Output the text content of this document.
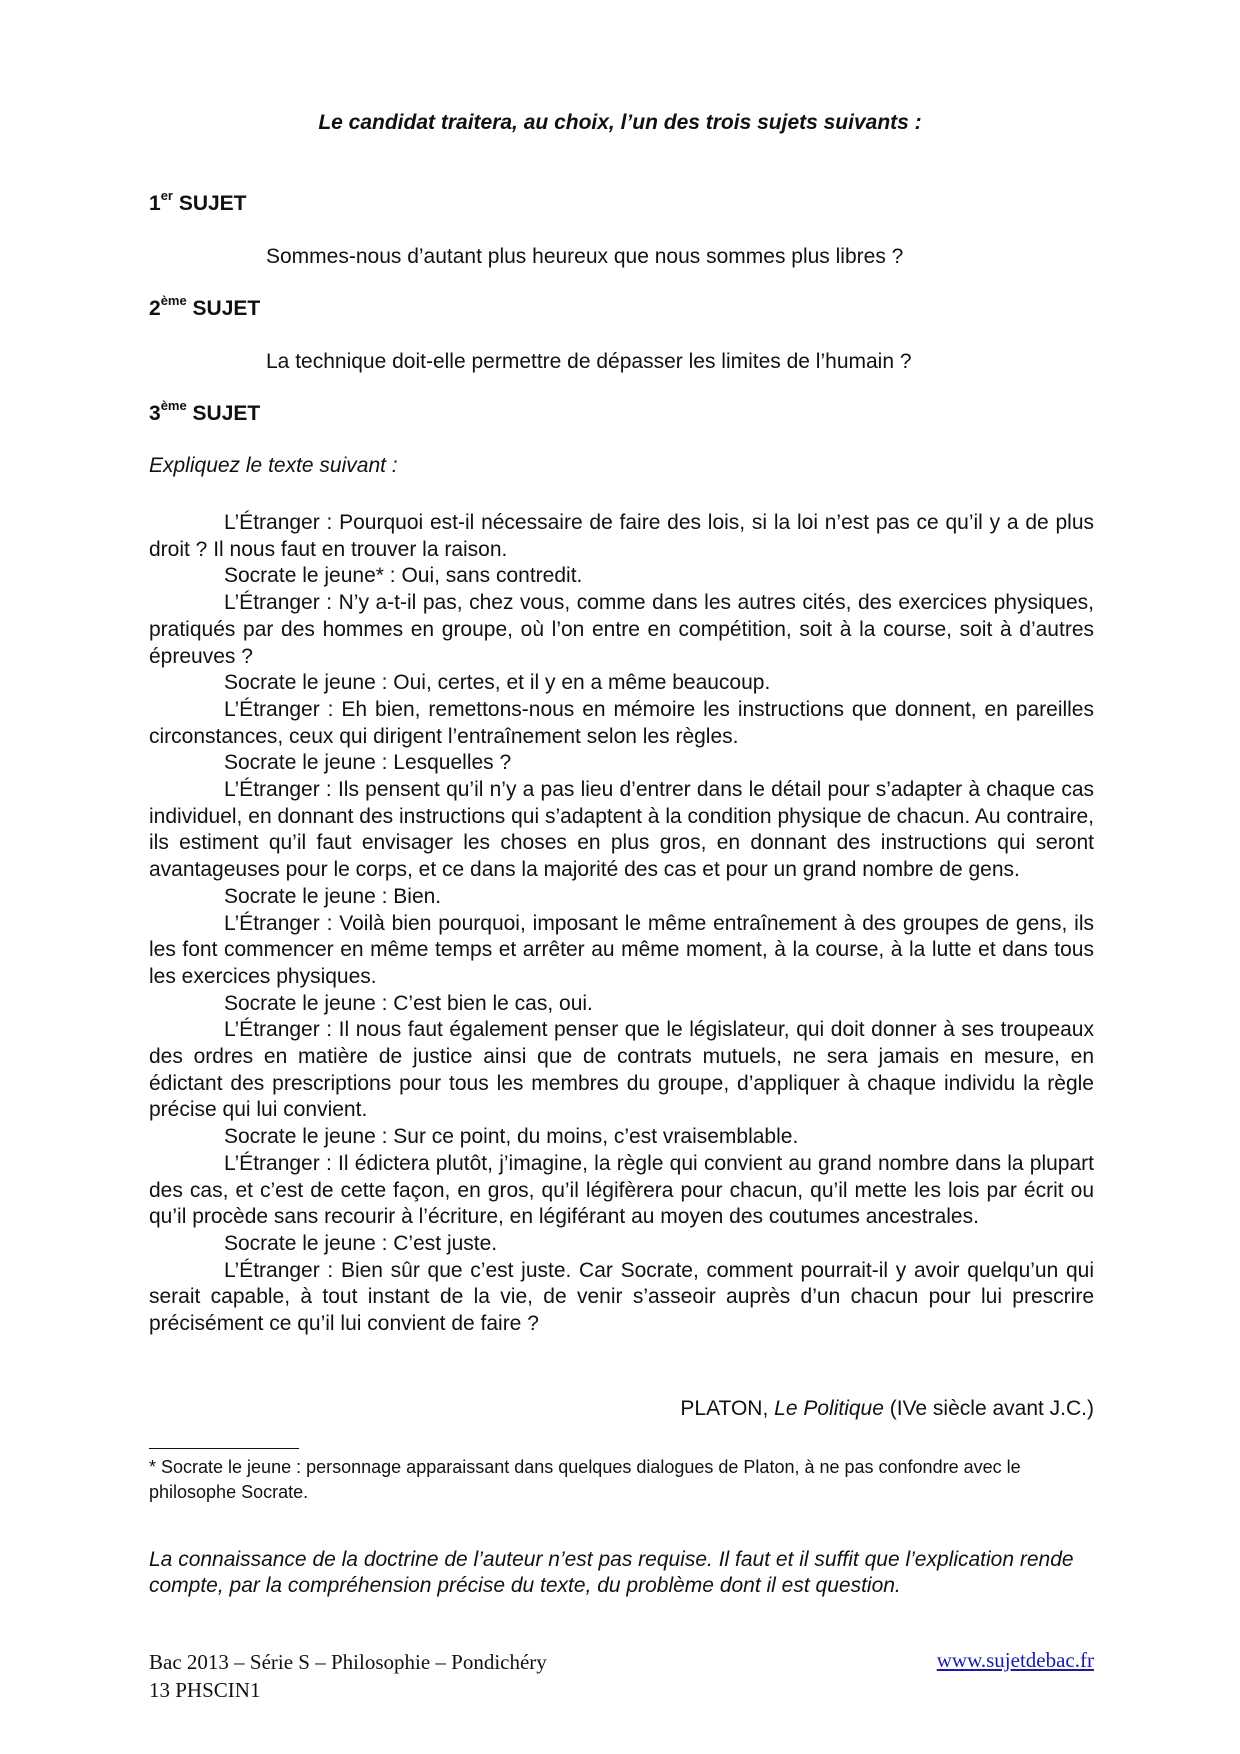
Le candidat traitera, au choix, l’un des trois sujets suivants :
1er SUJET
Sommes-nous d’autant plus heureux que nous sommes plus libres ?
2ème SUJET
La technique doit-elle permettre de dépasser les limites de l’humain ?
3ème SUJET
Expliquez le texte suivant :

L’Étranger : Pourquoi est-il nécessaire de faire des lois, si la loi n’est pas ce qu’il y a de plus droit ? Il nous faut en trouver la raison.

Socrate le jeune* : Oui, sans contredit.

L’Étranger : N’y a-t-il pas, chez vous, comme dans les autres cités, des exercices physiques, pratiqués par des hommes en groupe, où l’on entre en compétition, soit à la course, soit à d’autres épreuves ?

Socrate le jeune : Oui, certes, et il y en a même beaucoup.

L’Étranger : Eh bien, remettons-nous en mémoire les instructions que donnent, en pareilles circonstances, ceux qui dirigent l’entraînement selon les règles.

Socrate le jeune : Lesquelles ?

L’Étranger : Ils pensent qu’il n’y a pas lieu d’entrer dans le détail pour s’adapter à chaque cas individuel, en donnant des instructions qui s’adaptent à la condition physique de chacun. Au contraire, ils estiment qu’il faut envisager les choses en plus gros, en donnant des instructions qui seront avantageuses pour le corps, et ce dans la majorité des cas et pour un grand nombre de gens.

Socrate le jeune : Bien.

L’Étranger : Voilà bien pourquoi, imposant le même entraînement à des groupes de gens, ils les font commencer en même temps et arrêter au même moment, à la course, à la lutte et dans tous les exercices physiques.

Socrate le jeune : C’est bien le cas, oui.

L’Étranger : Il nous faut également penser que le législateur, qui doit donner à ses troupeaux des ordres en matière de justice ainsi que de contrats mutuels, ne sera jamais en mesure, en édictant des prescriptions pour tous les membres du groupe, d’appliquer à chaque individu la règle précise qui lui convient.

Socrate le jeune : Sur ce point, du moins, c’est vraisemblable.

L’Étranger : Il édictera plutôt, j’imagine, la règle qui convient au grand nombre dans la plupart des cas, et c’est de cette façon, en gros, qu’il légifèrera pour chacun, qu’il mette les lois par écrit ou qu’il procède sans recourir à l’écriture, en légiférant au moyen des coutumes ancestrales.

Socrate le jeune : C’est juste.

L’Étranger : Bien sûr que c’est juste. Car Socrate, comment pourrait-il y avoir quelqu’un qui serait capable, à tout instant de la vie, de venir s’asseoir auprès d’un chacun pour lui prescrire précisément ce qu’il lui convient de faire ?

PLATON, Le Politique (IVe siècle avant J.C.)
* Socrate le jeune : personnage apparaissant dans quelques dialogues de Platon, à ne pas confondre avec le philosophe Socrate.
La connaissance de la doctrine de l’auteur n’est pas requise. Il faut et il suffit que l’explication rende compte, par la compréhension précise du texte, du problème dont il est question.
Bac 2013 – Série S – Philosophie – Pondichéry
13 PHSCIN1
www.sujetdebac.fr
